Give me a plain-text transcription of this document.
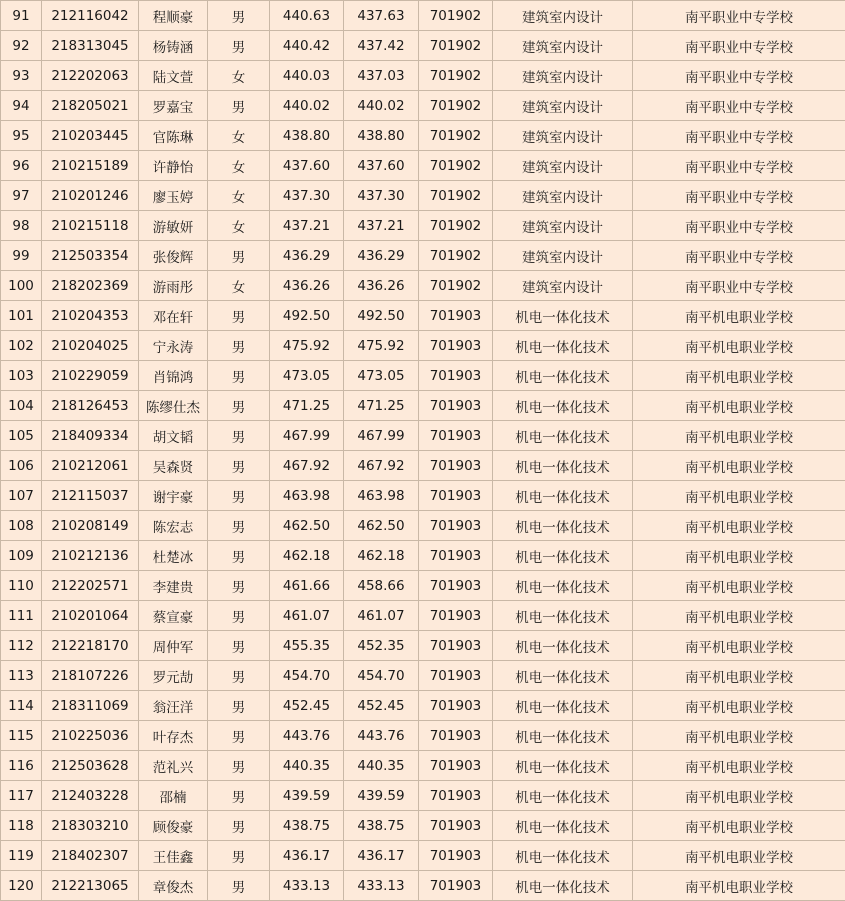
91	212116042	程顺豪	男	440.63	437.63	701902	建筑室内设计	南平职业中专学校
92	218313045	杨铸涵	男	440.42	437.42	701902	建筑室内设计	南平职业中专学校
93	212202063	陆文萱	女	440.03	437.03	701902	建筑室内设计	南平职业中专学校
94	218205021	罗嘉宝	男	440.02	440.02	701902	建筑室内设计	南平职业中专学校
95	210203445	官陈琳	女	438.80	438.80	701902	建筑室内设计	南平职业中专学校
96	210215189	许静怡	女	437.60	437.60	701902	建筑室内设计	南平职业中专学校
97	210201246	廖玉婷	女	437.30	437.30	701902	建筑室内设计	南平职业中专学校
98	210215118	游敏妍	女	437.21	437.21	701902	建筑室内设计	南平职业中专学校
99	212503354	张俊辉	男	436.29	436.29	701902	建筑室内设计	南平职业中专学校
100	218202369	游雨彤	女	436.26	436.26	701902	建筑室内设计	南平职业中专学校
101	210204353	邓在轩	男	492.50	492.50	701903	机电一体化技术	南平机电职业学校
102	210204025	宁永涛	男	475.92	475.92	701903	机电一体化技术	南平机电职业学校
103	210229059	肖锦鸿	男	473.05	473.05	701903	机电一体化技术	南平机电职业学校
104	218126453	陈缪仕杰	男	471.25	471.25	701903	机电一体化技术	南平机电职业学校
105	218409334	胡文韬	男	467.99	467.99	701903	机电一体化技术	南平机电职业学校
106	210212061	吴森贤	男	467.92	467.92	701903	机电一体化技术	南平机电职业学校
107	212115037	谢宇豪	男	463.98	463.98	701903	机电一体化技术	南平机电职业学校
108	210208149	陈宏志	男	462.50	462.50	701903	机电一体化技术	南平机电职业学校
109	210212136	杜楚冰	男	462.18	462.18	701903	机电一体化技术	南平机电职业学校
110	212202571	李建贵	男	461.66	458.66	701903	机电一体化技术	南平机电职业学校
111	210201064	蔡宣豪	男	461.07	461.07	701903	机电一体化技术	南平机电职业学校
112	212218170	周仲军	男	455.35	452.35	701903	机电一体化技术	南平机电职业学校
113	218107226	罗元劼	男	454.70	454.70	701903	机电一体化技术	南平机电职业学校
114	218311069	翁汪洋	男	452.45	452.45	701903	机电一体化技术	南平机电职业学校
115	210225036	叶存杰	男	443.76	443.76	701903	机电一体化技术	南平机电职业学校
116	212503628	范礼兴	男	440.35	440.35	701903	机电一体化技术	南平机电职业学校
117	212403228	邵楠	男	439.59	439.59	701903	机电一体化技术	南平机电职业学校
118	218303210	顾俊豪	男	438.75	438.75	701903	机电一体化技术	南平机电职业学校
119	218402307	王佳鑫	男	436.17	436.17	701903	机电一体化技术	南平机电职业学校
120	212213065	章俊杰	男	433.13	433.13	701903	机电一体化技术	南平机电职业学校
